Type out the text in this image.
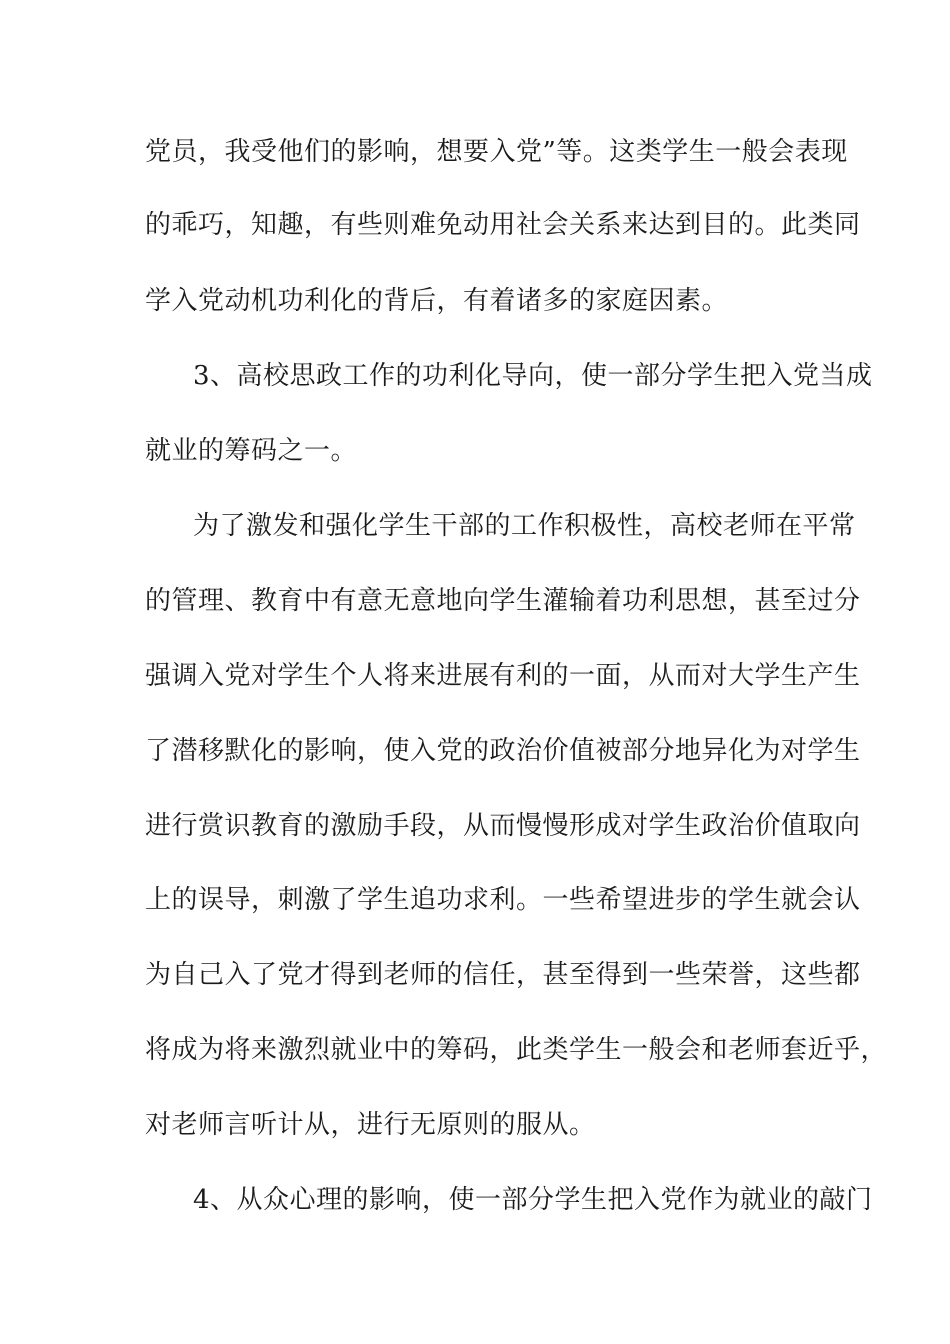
党员，我受他们的影响，想要入党”等。这类学生一般会表现
的乖巧，知趣，有些则难免动用社会关系来达到目的。此类同
学入党动机功利化的背后，有着诸多的家庭因素。
3、高校思政工作的功利化导向，使一部分学生把入党当成
就业的筹码之一。
为了激发和强化学生干部的工作积极性，高校老师在平常
的管理、教育中有意无意地向学生灌输着功利思想，甚至过分
强调入党对学生个人将来进展有利的一面，从而对大学生产生
了潜移默化的影响，使入党的政治价值被部分地异化为对学生
进行赏识教育的激励手段，从而慢慢形成对学生政治价值取向
上的误导，刺激了学生追功求利。一些希望进步的学生就会认
为自己入了党才得到老师的信任，甚至得到一些荣誉，这些都
将成为将来激烈就业中的筹码，此类学生一般会和老师套近乎，
对老师言听计从，进行无原则的服从。
4、从众心理的影响，使一部分学生把入党作为就业的敲门
